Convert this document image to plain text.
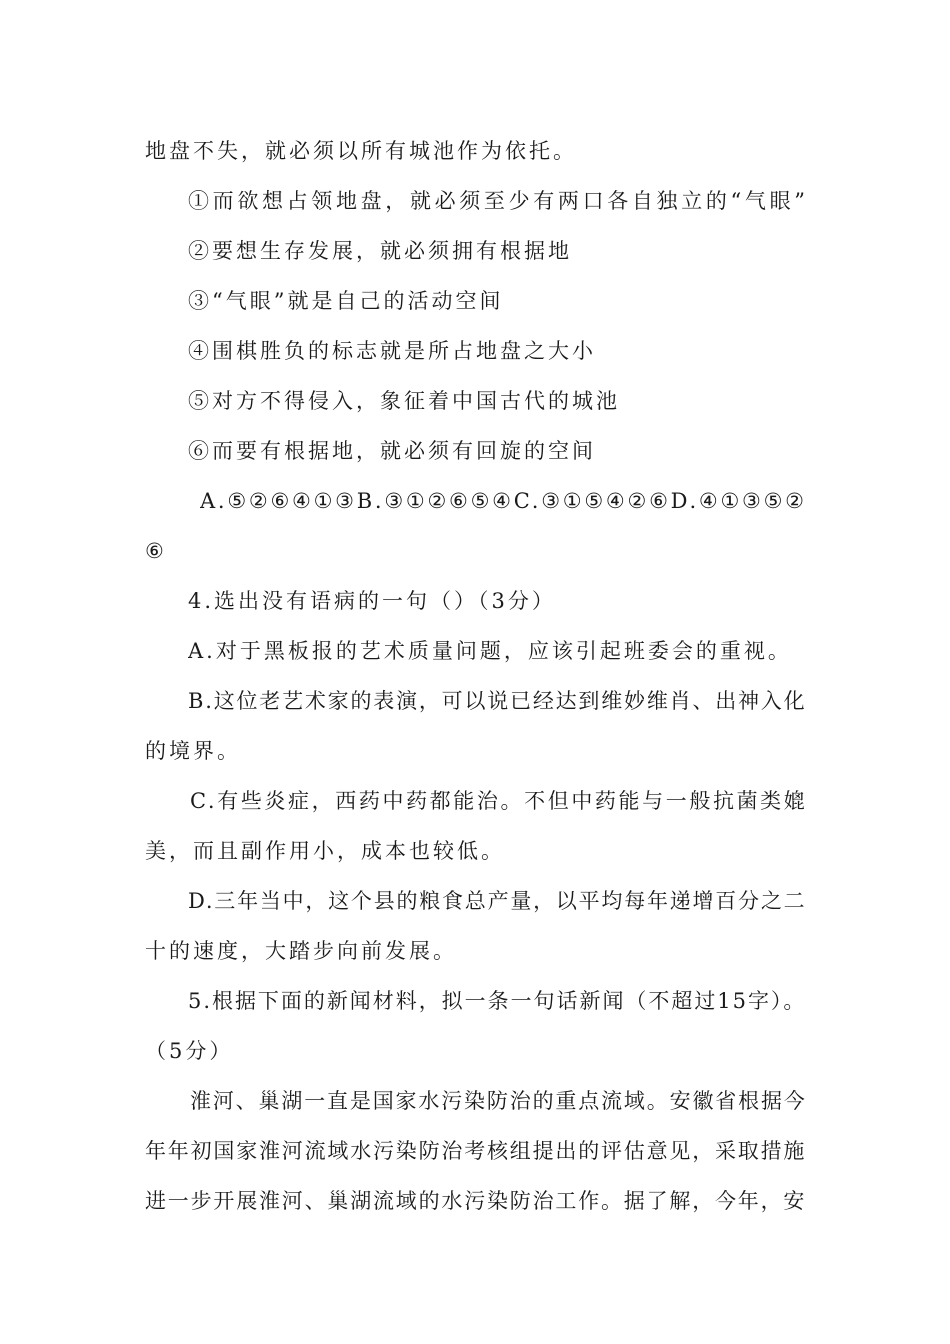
地盘不失，就必须以所有城池作为依托。
①而欲想占领地盘，就必须至少有两口各自独立的“气眼”
②要想生存发展，就必须拥有根据地
③“气眼”就是自己的活动空间
④围棋胜负的标志就是所占地盘之大小
⑤对方不得侵入，象征着中国古代的城池
⑥而要有根据地，就必须有回旋的空间
A.⑤②⑥④①③B.③①②⑥⑤④C.③①⑤④②⑥D.④①③⑤②
⑥
4.选出没有语病的一句（）（3分）
A.对于黑板报的艺术质量问题，应该引起班委会的重视。
B.这位老艺术家的表演，可以说已经达到维妙维肖、出神入化
的境界。
C.有些炎症，西药中药都能治。不但中药能与一般抗菌类媲
美，而且副作用小，成本也较低。
D.三年当中，这个县的粮食总产量，以平均每年递增百分之二
十的速度，大踏步向前发展。
5.根据下面的新闻材料，拟一条一句话新闻（不超过15字）。
（5分）
淮河、巢湖一直是国家水污染防治的重点流域。安徽省根据今
年年初国家淮河流域水污染防治考核组提出的评估意见，采取措施
进一步开展淮河、巢湖流域的水污染防治工作。据了解，今年，安
